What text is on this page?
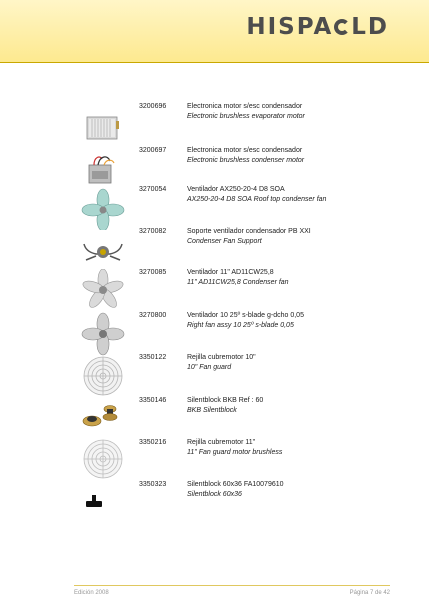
HISPA LD
3200696	Electronica motor s/esc condensador
Electronic brushless evaporator motor
3200697	Electronica motor s/esc condensador
Electronic brushless condenser motor
3270054	Ventilador AX250-20-4 D8 SOA
AX250-20-4 D8 SOA Roof top condenser fan
3270082	Soporte ventilador condensador PB XXI
Condenser Fan Support
3270085	Ventilador 11" AD11CW25,8
11" AD11CW25,8 Condenser fan
3270800	Ventilador 10 25º s-blade g-dcho 0,05
Right fan assy 10 25º s-blade 0,05
3350122	Rejilla cubremotor 10"
10" Fan guard
3350146	Silentblock BKB Ref : 60
BKB Silentblock
3350216	Rejilla cubremotor 11"
11" Fan guard motor brushless
3350323	Silentblock 60x36 FA10079610
Silentblock 60x36
Edición 2008	Página 7 de 42
